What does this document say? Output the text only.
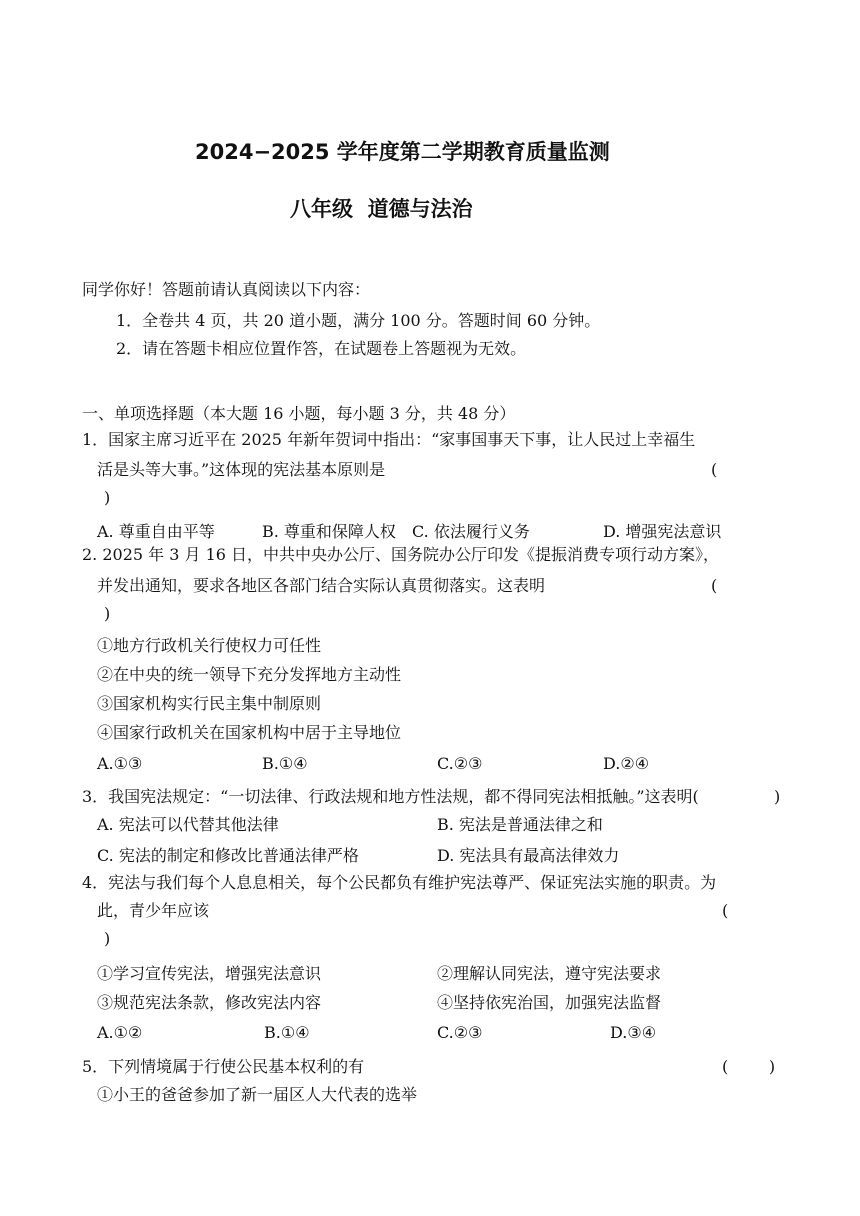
2024−2025 学年度第二学期教育质量监测
八年级  道德与法治
同学你好！答题前请认真阅读以下内容：
1．全卷共 4 页，共 20 道小题，满分 100 分。答题时间 60 分钟。
2．请在答题卡相应位置作答，在试题卷上答题视为无效。
一、单项选择题（本大题 16 小题，每小题 3 分，共 48 分）
1．国家主席习近平在 2025 年新年贺词中指出：“家事国事天下事，让人民过上幸福生
活是头等大事。”这体现的宪法基本原则是	(
)
A. 尊重自由平等	B. 尊重和保障人权 C. 依法履行义务	D. 增强宪法意识
2. 2025 年 3 月 16 日，中共中央办公厅、国务院办公厅印发《提振消费专项行动方案》，
并发出通知，要求各地区各部门结合实际认真贯彻落实。这表明	(
)
①地方行政机关行使权力可任性
②在中央的统一领导下充分发挥地方主动性
③国家机构实行民主集中制原则
④国家行政机关在国家机构中居于主导地位
A.①③	B.①④	C.②③	D.②④
3．我国宪法规定：“一切法律、行政法规和地方性法规，都不得同宪法相抵触。”这表明(	)
A. 宪法可以代替其他法律	B. 宪法是普通法律之和
C. 宪法的制定和修改比普通法律严格	D. 宪法具有最高法律效力
4．宪法与我们每个人息息相关，每个公民都负有维护宪法尊严、保证宪法实施的职责。为
此，青少年应该	(
)
①学习宣传宪法，增强宪法意识	②理解认同宪法，遵守宪法要求
③规范宪法条款，修改宪法内容	④坚持依宪治国，加强宪法监督
A.①②	B.①④	C.②③	D.③④
5．下列情境属于行使公民基本权利的有	(        )
①小王的爸爸参加了新一届区人大代表的选举
